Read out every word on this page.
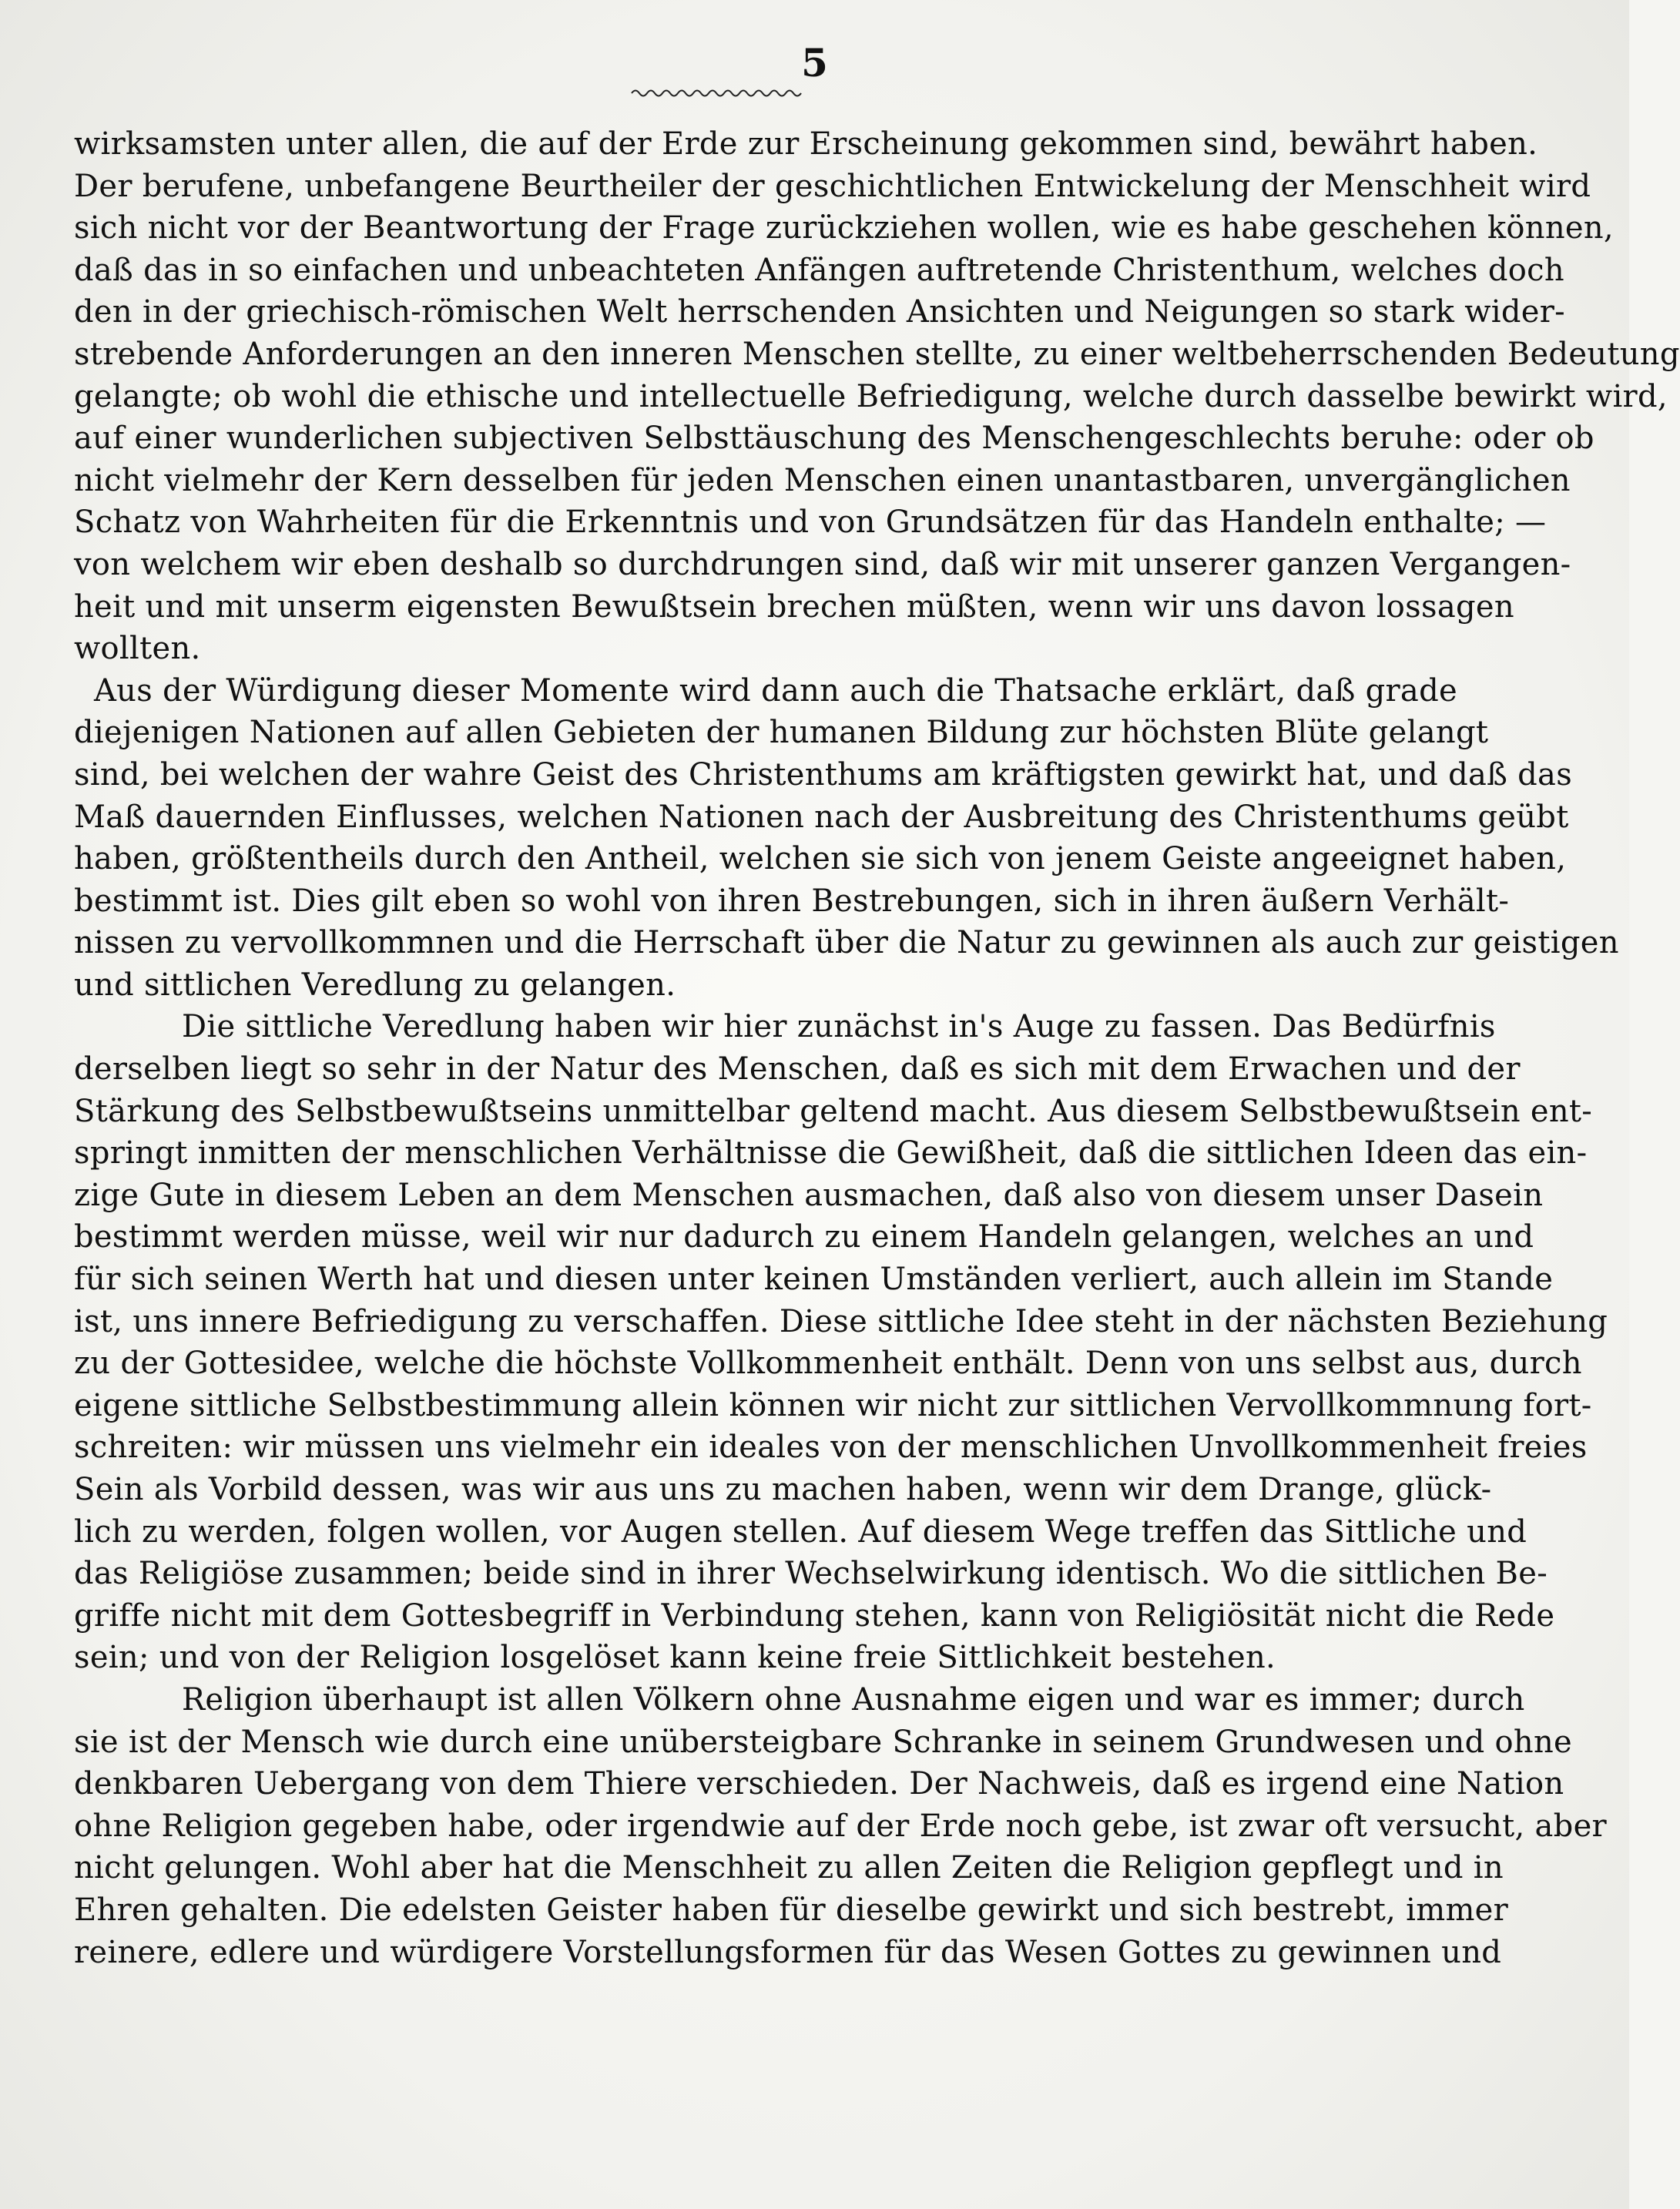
5
wirksamsten unter allen, die auf der Erde zur Erscheinung gekommen sind, bewährt haben.
Der berufene, unbefangene Beurtheiler der geschichtlichen Entwickelung der Menschheit wird
sich nicht vor der Beantwortung der Frage zurückziehen wollen, wie es habe geschehen können,
daß das in so einfachen und unbeachteten Anfängen auftretende Christenthum, welches doch
den in der griechisch-römischen Welt herrschenden Ansichten und Neigungen so stark wider-
strebende Anforderungen an den inneren Menschen stellte, zu einer weltbeherrschenden Bedeutung
gelangte; ob wohl die ethische und intellectuelle Befriedigung, welche durch dasselbe bewirkt wird,
auf einer wunderlichen subjectiven Selbsttäuschung des Menschengeschlechts beruhe: oder ob
nicht vielmehr der Kern desselben für jeden Menschen einen unantastbaren, unvergänglichen
Schatz von Wahrheiten für die Erkenntnis und von Grundsätzen für das Handeln enthalte; —
von welchem wir eben deshalb so durchdrungen sind, daß wir mit unserer ganzen Vergangen-
heit und mit unserm eigensten Bewußtsein brechen müßten, wenn wir uns davon lossagen
wollten.
Aus der Würdigung dieser Momente wird dann auch die Thatsache erklärt, daß grade
diejenigen Nationen auf allen Gebieten der humanen Bildung zur höchsten Blüte gelangt
sind, bei welchen der wahre Geist des Christenthums am kräftigsten gewirkt hat, und daß das
Maß dauernden Einflusses, welchen Nationen nach der Ausbreitung des Christenthums geübt
haben, größtentheils durch den Antheil, welchen sie sich von jenem Geiste angeeignet haben,
bestimmt ist. Dies gilt eben so wohl von ihren Bestrebungen, sich in ihren äußern Verhält-
nissen zu vervollkommnen und die Herrschaft über die Natur zu gewinnen als auch zur geistigen
und sittlichen Veredlung zu gelangen.
Die sittliche Veredlung haben wir hier zunächst in's Auge zu fassen. Das Bedürfnis
derselben liegt so sehr in der Natur des Menschen, daß es sich mit dem Erwachen und der
Stärkung des Selbstbewußtseins unmittelbar geltend macht. Aus diesem Selbstbewußtsein ent-
springt inmitten der menschlichen Verhältnisse die Gewißheit, daß die sittlichen Ideen das ein-
zige Gute in diesem Leben an dem Menschen ausmachen, daß also von diesem unser Dasein
bestimmt werden müsse, weil wir nur dadurch zu einem Handeln gelangen, welches an und
für sich seinen Werth hat und diesen unter keinen Umständen verliert, auch allein im Stande
ist, uns innere Befriedigung zu verschaffen. Diese sittliche Idee steht in der nächsten Beziehung
zu der Gottesidee, welche die höchste Vollkommenheit enthält. Denn von uns selbst aus, durch
eigene sittliche Selbstbestimmung allein können wir nicht zur sittlichen Vervollkommnung fort-
schreiten: wir müssen uns vielmehr ein ideales von der menschlichen Unvollkommenheit freies
Sein als Vorbild dessen, was wir aus uns zu machen haben, wenn wir dem Drange, glück-
lich zu werden, folgen wollen, vor Augen stellen. Auf diesem Wege treffen das Sittliche und
das Religiöse zusammen; beide sind in ihrer Wechselwirkung identisch. Wo die sittlichen Be-
griffe nicht mit dem Gottesbegriff in Verbindung stehen, kann von Religiösität nicht die Rede
sein; und von der Religion losgelöset kann keine freie Sittlichkeit bestehen.
Religion überhaupt ist allen Völkern ohne Ausnahme eigen und war es immer; durch
sie ist der Mensch wie durch eine unübersteigbare Schranke in seinem Grundwesen und ohne
denkbaren Uebergang von dem Thiere verschieden. Der Nachweis, daß es irgend eine Nation
ohne Religion gegeben habe, oder irgendwie auf der Erde noch gebe, ist zwar oft versucht, aber
nicht gelungen. Wohl aber hat die Menschheit zu allen Zeiten die Religion gepflegt und in
Ehren gehalten. Die edelsten Geister haben für dieselbe gewirkt und sich bestrebt, immer
reinere, edlere und würdigere Vorstellungsformen für das Wesen Gottes zu gewinnen und
